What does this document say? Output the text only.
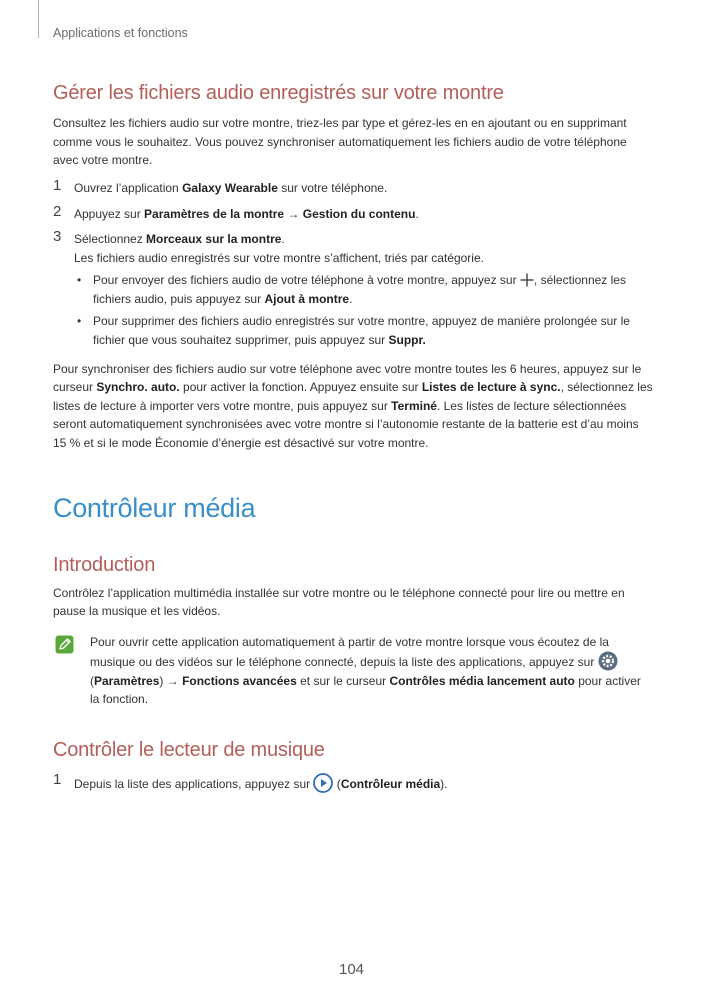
Applications et fonctions
Gérer les fichiers audio enregistrés sur votre montre

Consultez les fichiers audio sur votre montre, triez-les par type et gérez-les en en ajoutant ou en supprimant comme vous le souhaitez. Vous pouvez synchroniser automatiquement les fichiers audio de votre téléphone avec votre montre.

1 Ouvrez l’application Galaxy Wearable sur votre téléphone.
2 Appuyez sur Paramètres de la montre → Gestion du contenu.
3 Sélectionnez Morceaux sur la montre.

Les fichiers audio enregistrés sur votre montre s’affichent, triés par catégorie.

• Pour envoyer des fichiers audio de votre téléphone à votre montre, appuyez sur , sélectionnez les fichiers audio, puis appuyez sur Ajout à montre.
• Pour supprimer des fichiers audio enregistrés sur votre montre, appuyez de manière prolongée sur le fichier que vous souhaitez supprimer, puis appuyez sur Suppr.

Pour synchroniser des fichiers audio sur votre téléphone avec votre montre toutes les 6 heures, appuyez sur le curseur Synchro. auto. pour activer la fonction. Appuyez ensuite sur Listes de lecture à sync., sélectionnez les listes de lecture à importer vers votre montre, puis appuyez sur Terminé. Les listes de lecture sélectionnées seront automatiquement synchronisées avec votre montre si l’autonomie restante de la batterie est d’au moins 15 % et si le mode Économie d’énergie est désactivé sur votre montre.

Contrôleur média
Introduction

Contrôlez l’application multimédia installée sur votre montre ou le téléphone connecté pour lire ou mettre en pause la musique et les vidéos.

Pour ouvrir cette application automatiquement à partir de votre montre lorsque vous écoutez de la musique ou des vidéos sur le téléphone connecté, depuis la liste des applications, appuyez sur  (Paramètres) → Fonctions avancées et sur le curseur Contrôles média lancement auto pour activer la fonction.
Contrôler le lecteur de musique
1 Depuis la liste des applications, appuyez sur  (Contrôleur média).
104
